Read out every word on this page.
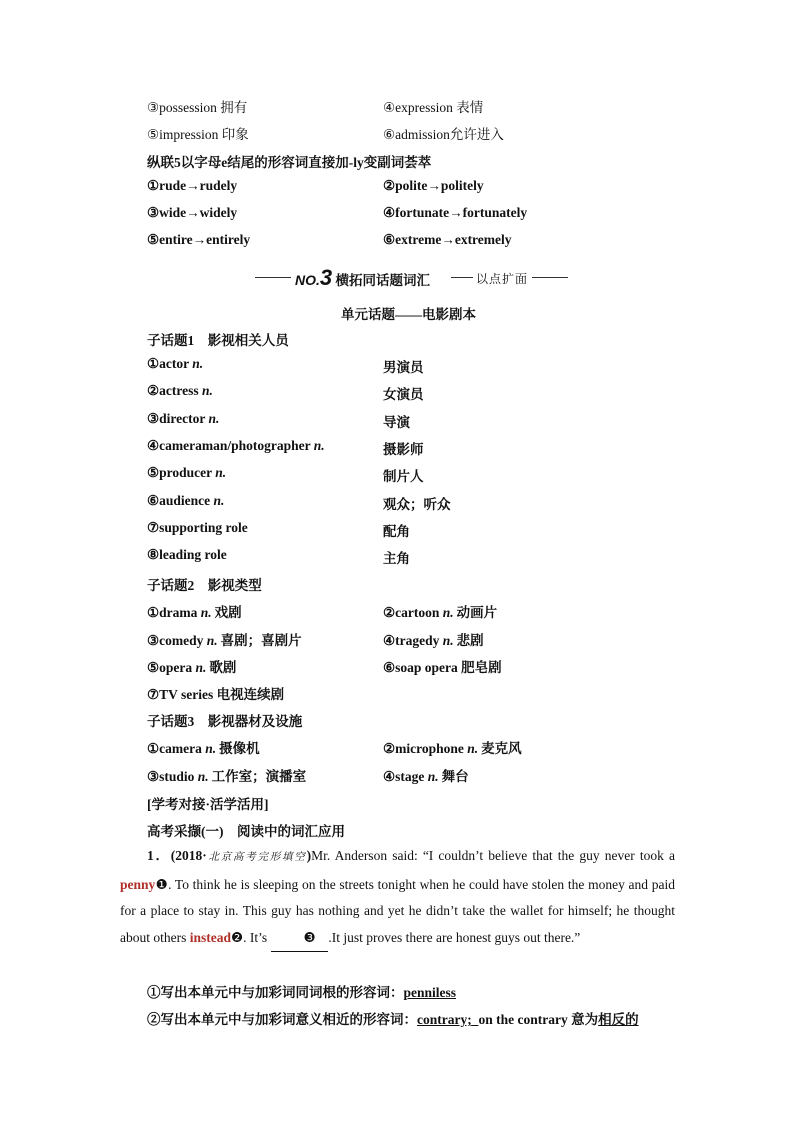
③possession 拥有	④expression 表情
⑤impression 印象	⑥admission允许进入
纵联5以字母e结尾的形容词直接加-ly变副词荟萃
①rude→rudely	②polite→politely
③wide→widely	④fortunate→fortunately
⑤entire→entirely	⑥extreme→extremely
NO.3 横拓同话题词汇	以点扩面
单元话题——电影剧本
子话题1　影视相关人员
①actor n.	男演员
②actress n.	女演员
③director n.	导演
④cameraman/photographer n.	摄影师
⑤producer n.	制片人
⑥audience n.	观众；听众
⑦supporting role	配角
⑧leading role	主角
子话题2　影视类型
①drama n. 戏剧	②cartoon n. 动画片
③comedy n. 喜剧；喜剧片	④tragedy n. 悲剧
⑤opera n. 歌剧	⑥soap opera 肥皂剧
⑦TV series 电视连续剧
子话题3　影视器材及设施
①camera n. 摄像机	②microphone n. 麦克风
③studio n. 工作室；演播室	④stage n. 舞台
[学考对接·活学活用]
高考采撷(一)　阅读中的词汇应用
1．(2018·北京高考完形填空)Mr. Anderson said: “I couldn’t believe that the guy never took a penny❶. To think he is sleeping on the streets tonight when he could have stolen the money and paid for a place to stay in. This guy has nothing and yet he didn’t take the wallet for himself; he thought about others instead❷. It’s ❸ .It just proves there are honest guys out there.”
①写出本单元中与加彩词同词根的形容词：penniless
②写出本单元中与加彩词意义相近的形容词：contrary; on the contrary 意为相反的
